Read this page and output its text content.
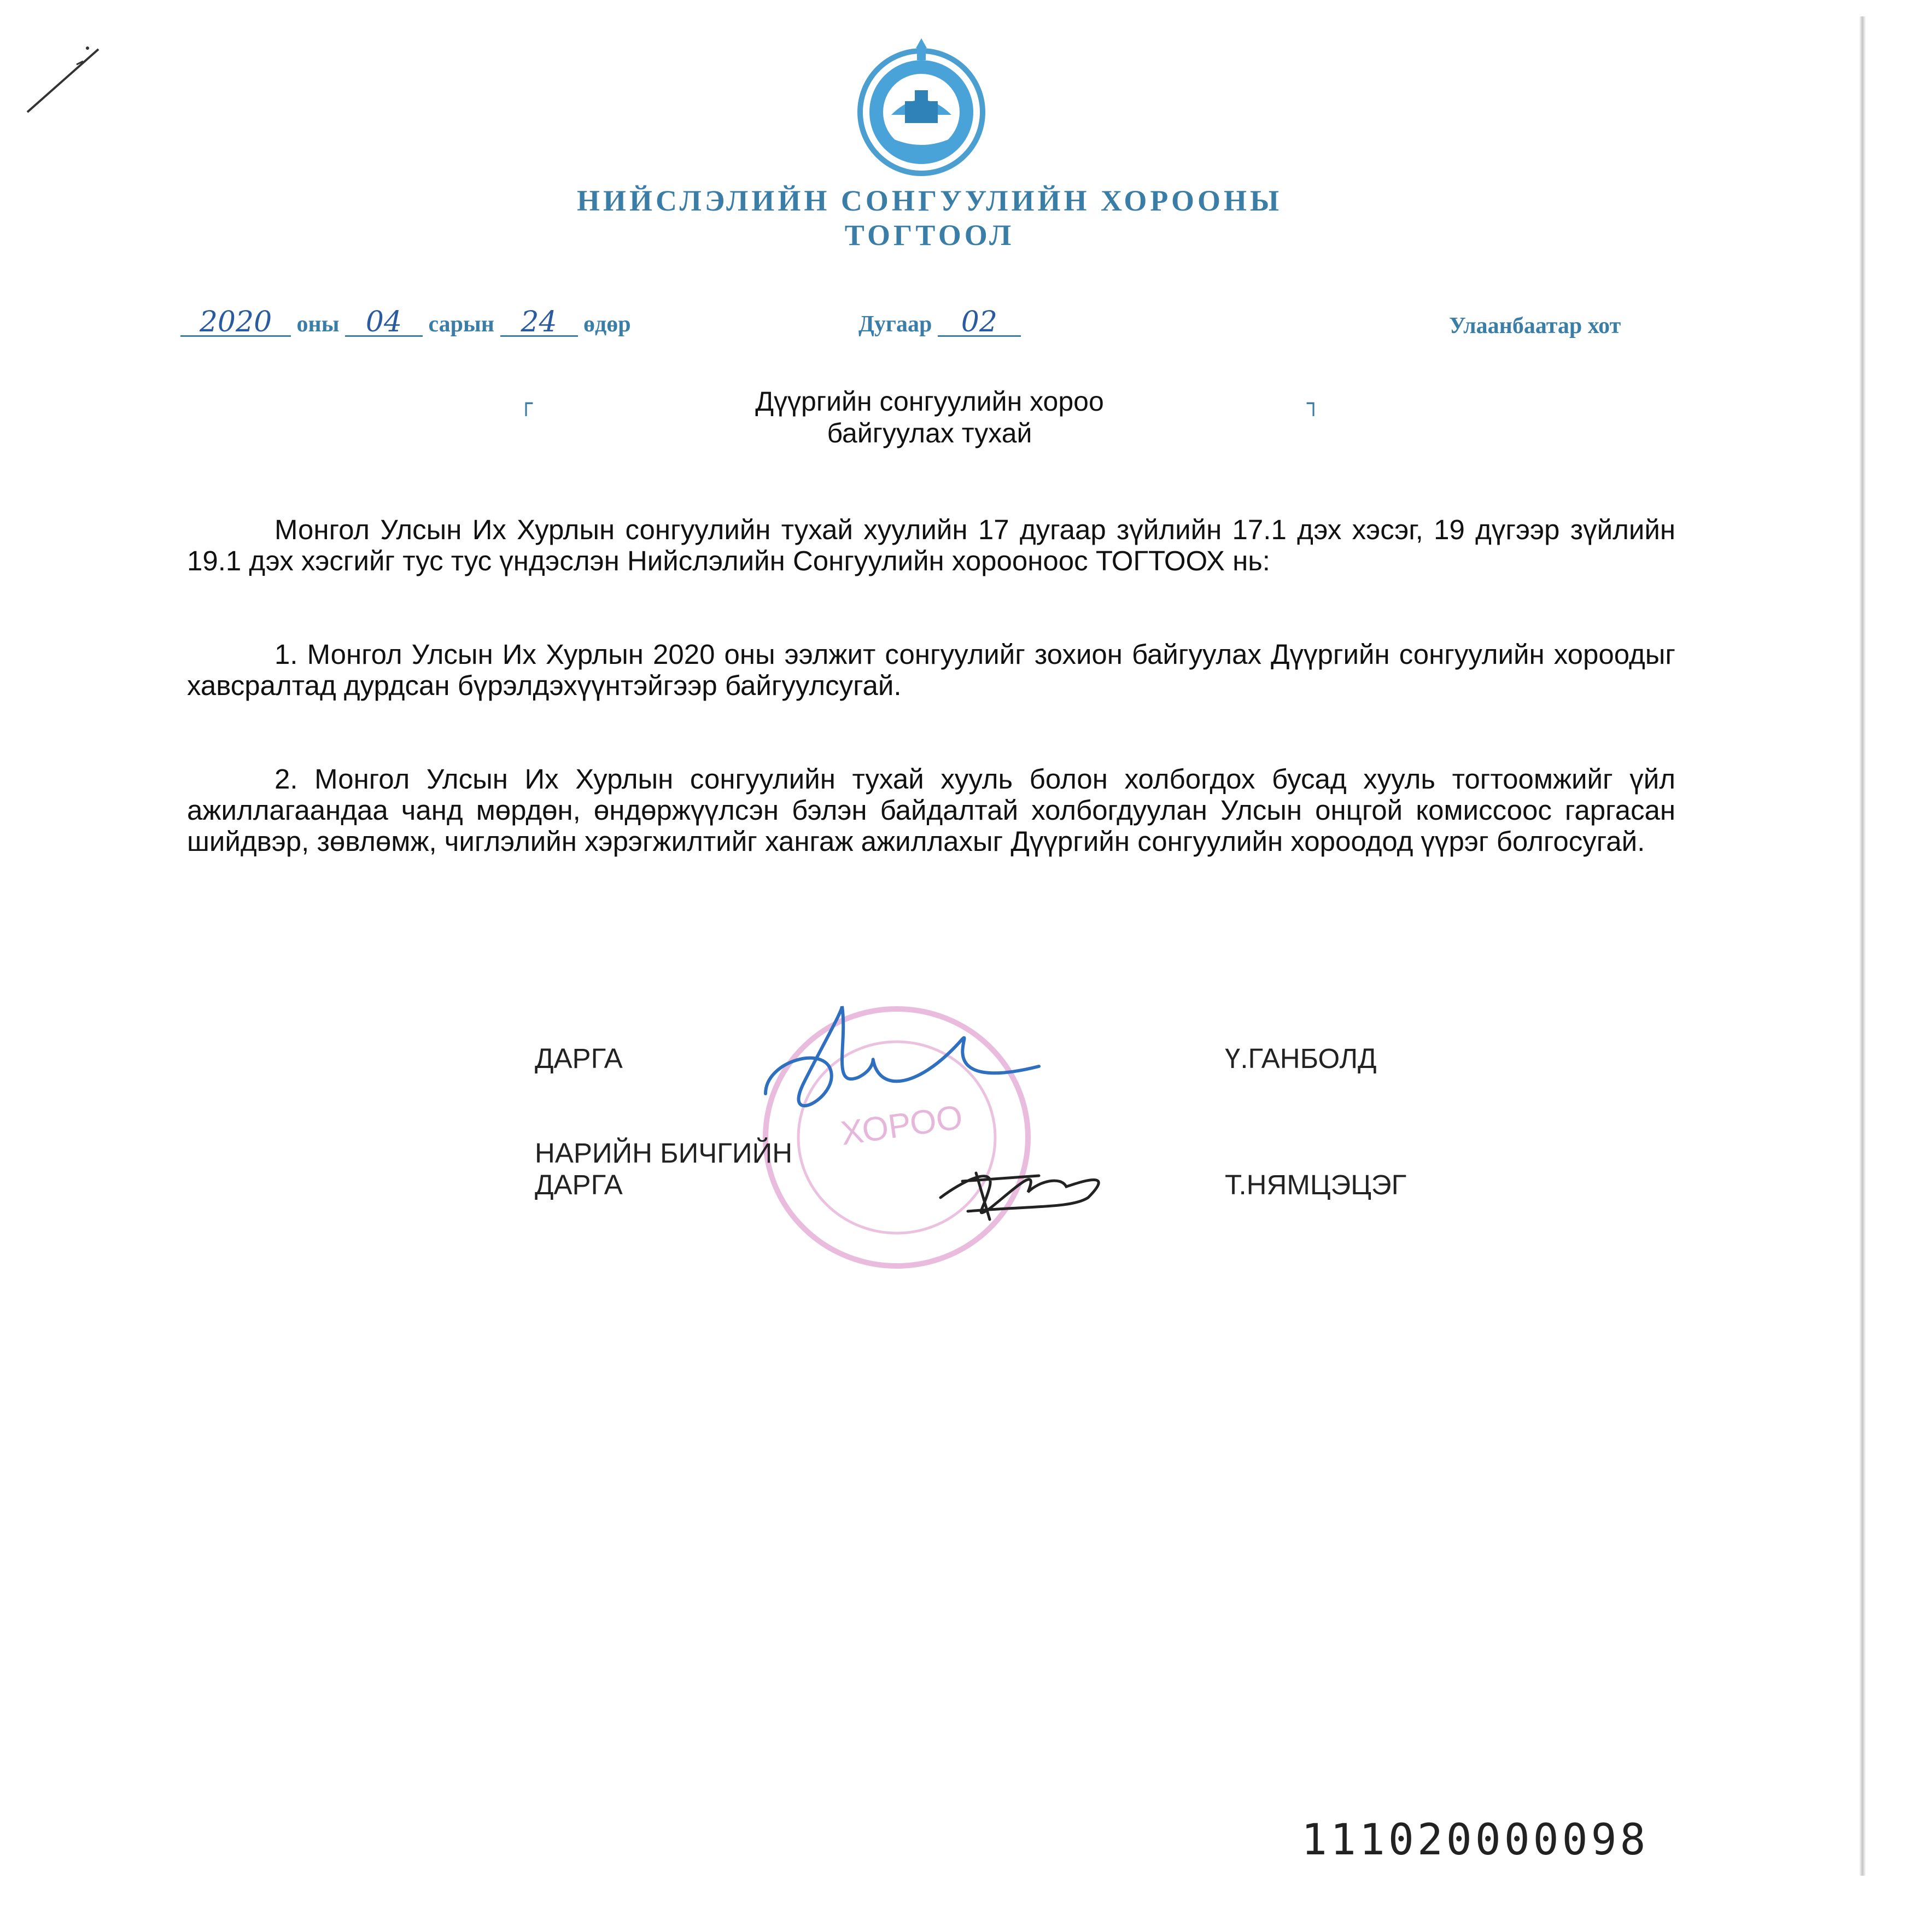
НИЙСЛЭЛИЙН СОНГУУЛИЙН ХОРООНЫ
ТОГТООЛ
2020 оны 04 сарын 24 өдөр	Дугаар 02	Улаанбаатар хот
┌	┐
Дүүргийн сонгуулийн хороо
байгуулах тухай

Монгол Улсын Их Хурлын сонгуулийн тухай хуулийн 17 дугаар зүйлийн 17.1 дэх хэсэг, 19 дүгээр зүйлийн 19.1 дэх хэсгийг тус тус үндэслэн Нийслэлийн Сонгуулийн хорооноос ТОГТООХ нь:

1. Монгол Улсын Их Хурлын 2020 оны ээлжит сонгуулийг зохион байгуулах Дүүргийн сонгуулийн хороодыг хавсралтад дурдсан бүрэлдэхүүнтэйгээр байгуулсугай.

2. Монгол Улсын Их Хурлын сонгуулийн тухай хууль болон холбогдох бусад хууль тогтоомжийг үйл ажиллагаандаа чанд мөрдөн, өндөржүүлсэн бэлэн байдалтай холбогдуулан Улсын онцгой комиссоос гаргасан шийдвэр, зөвлөмж, чиглэлийн хэрэгжилтийг хангаж ажиллахыг Дүүргийн сонгуулийн хороодод үүрэг болгосугай.

ХОРОО
ДАРГА	Ү.ГАНБОЛД
НАРИЙН БИЧГИЙН
ДАРГА	Т.НЯМЦЭЦЭГ
111020000098
